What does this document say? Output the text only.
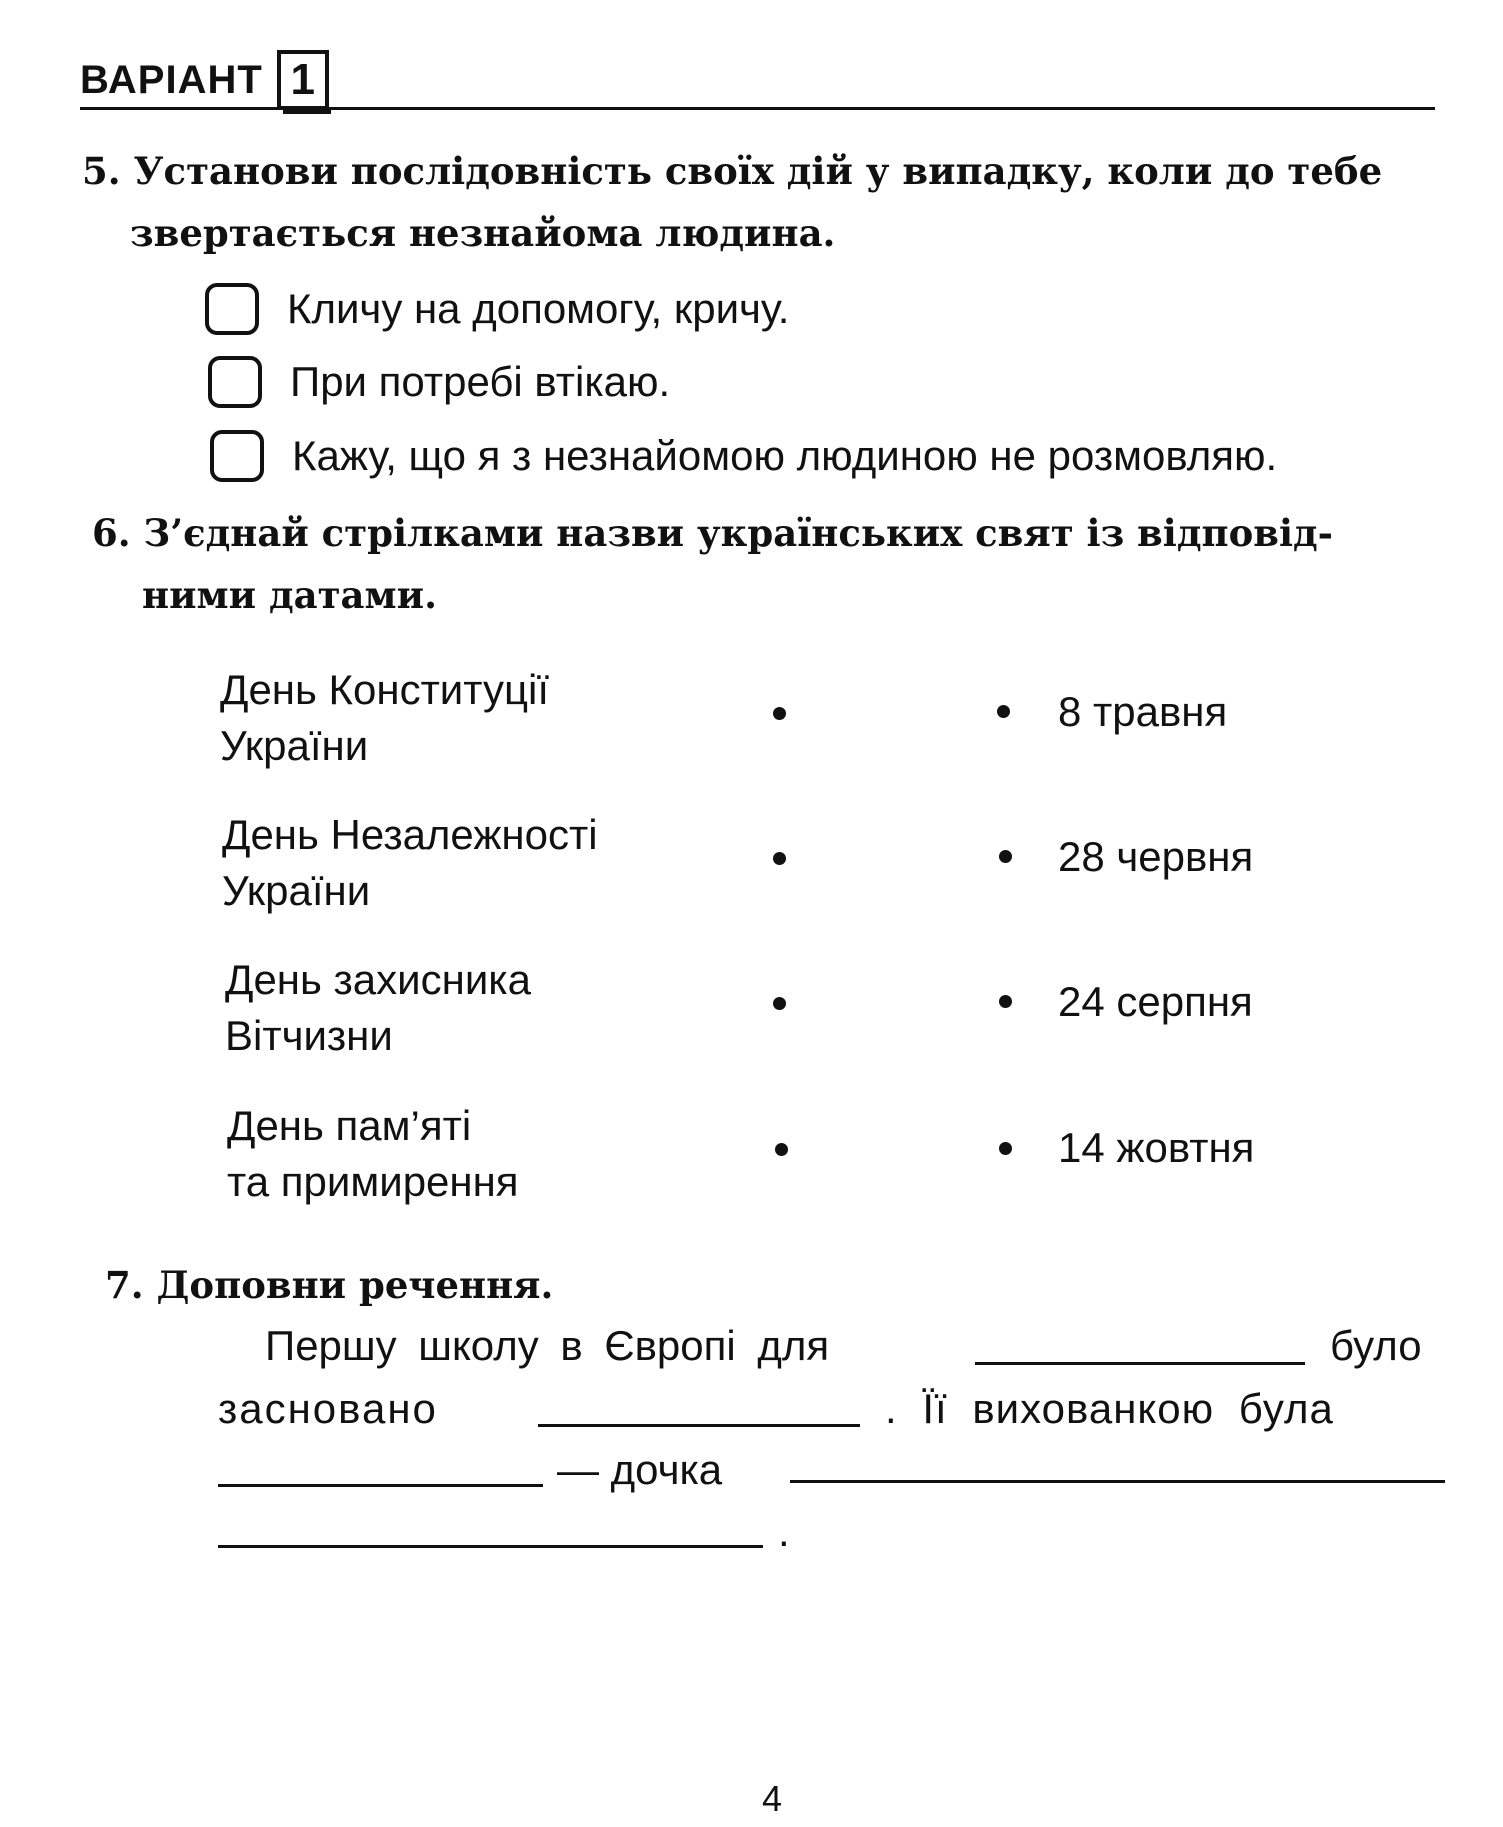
ВАРІАНТ 1
5. Установи послідовність своїх дій у випадку, коли до тебе
звертається незнайома людина.
Кличу на допомогу, кричу.
При потребі втікаю.
Кажу, що я з незнайомою людиною не розмовляю.
6. З’єднай стрілками назви українських свят із відповід-
ними датами.
День Конституції
України
День Незалежності
України
День захисника
Вітчизни
День пам’яті
та примирення
8 травня
28 червня
24 серпня
14 жовтня
7. Доповни речення.
Першу школу в Європі для	було
засновано	. Її вихованкою була
— дочка
.
4
